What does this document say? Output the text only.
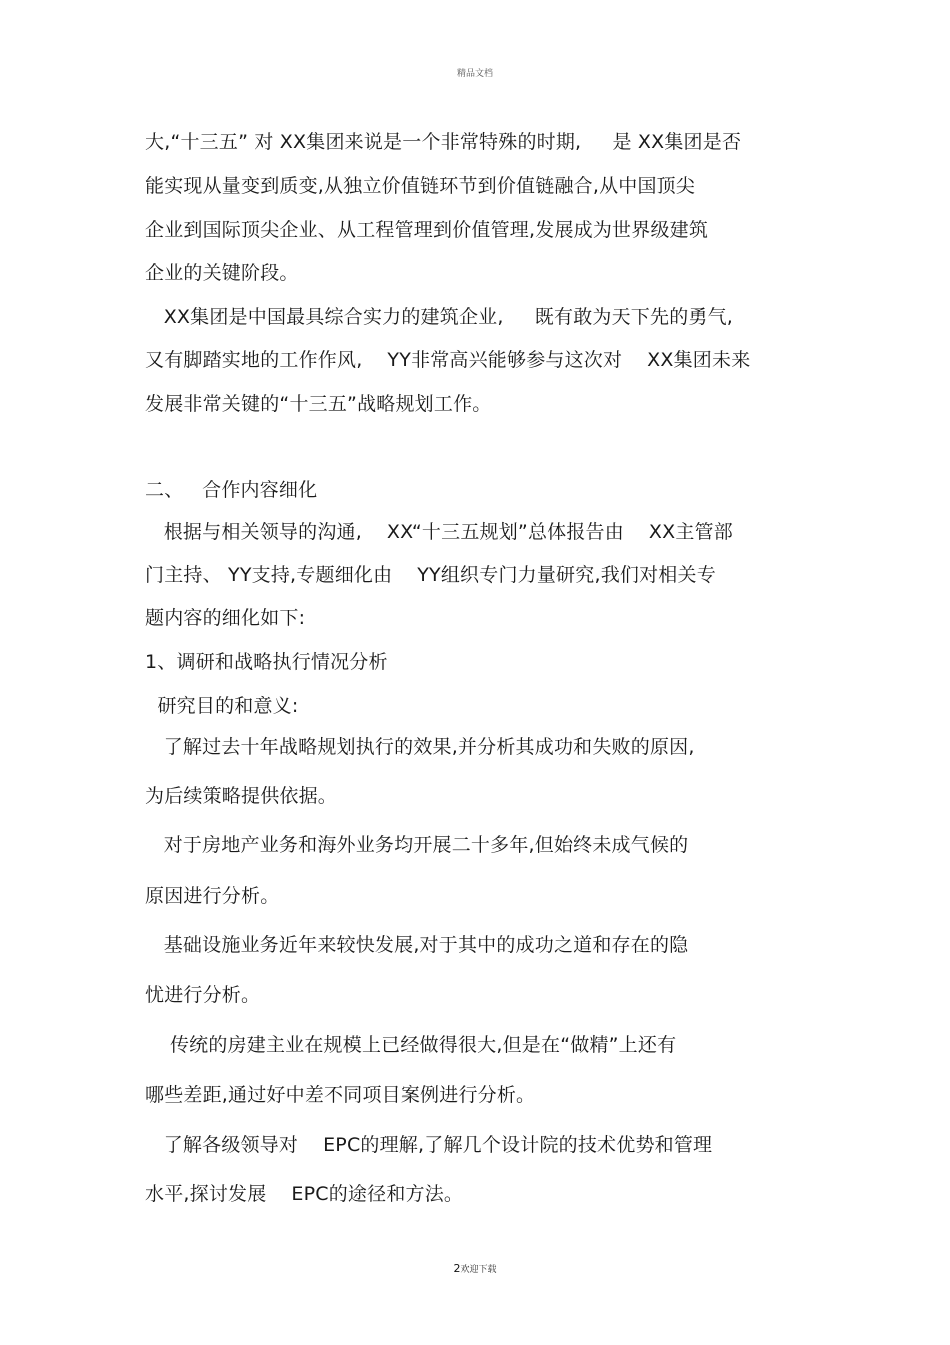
精品文档
大,“十三五” 对 XX集团来说是一个非常特殊的时期,     是 XX集团是否
能实现从量变到质变,从独立价值链环节到价值链融合,从中国顶尖
企业到国际顶尖企业、从工程管理到价值管理,发展成为世界级建筑
企业的关键阶段。
XX集团是中国最具综合实力的建筑企业,     既有敢为天下先的勇气,
又有脚踏实地的工作作风,    YY非常高兴能够参与这次对    XX集团未来
发展非常关键的“十三五”战略规划工作。
二、   合作内容细化
根据与相关领导的沟通,    XX“十三五规划”总体报告由    XX主管部
门主持、 YY支持,专题细化由    YY组织专门力量研究,我们对相关专
题内容的细化如下:
1、调研和战略执行情况分析
研究目的和意义:
了解过去十年战略规划执行的效果,并分析其成功和失败的原因,
为后续策略提供依据。
对于房地产业务和海外业务均开展二十多年,但始终未成气候的
原因进行分析。
基础设施业务近年来较快发展,对于其中的成功之道和存在的隐
忧进行分析。
传统的房建主业在规模上已经做得很大,但是在“做精”上还有
哪些差距,通过好中差不同项目案例进行分析。
了解各级领导对    EPC的理解,了解几个设计院的技术优势和管理
水平,探讨发展    EPC的途径和方法。
2欢迎下载
